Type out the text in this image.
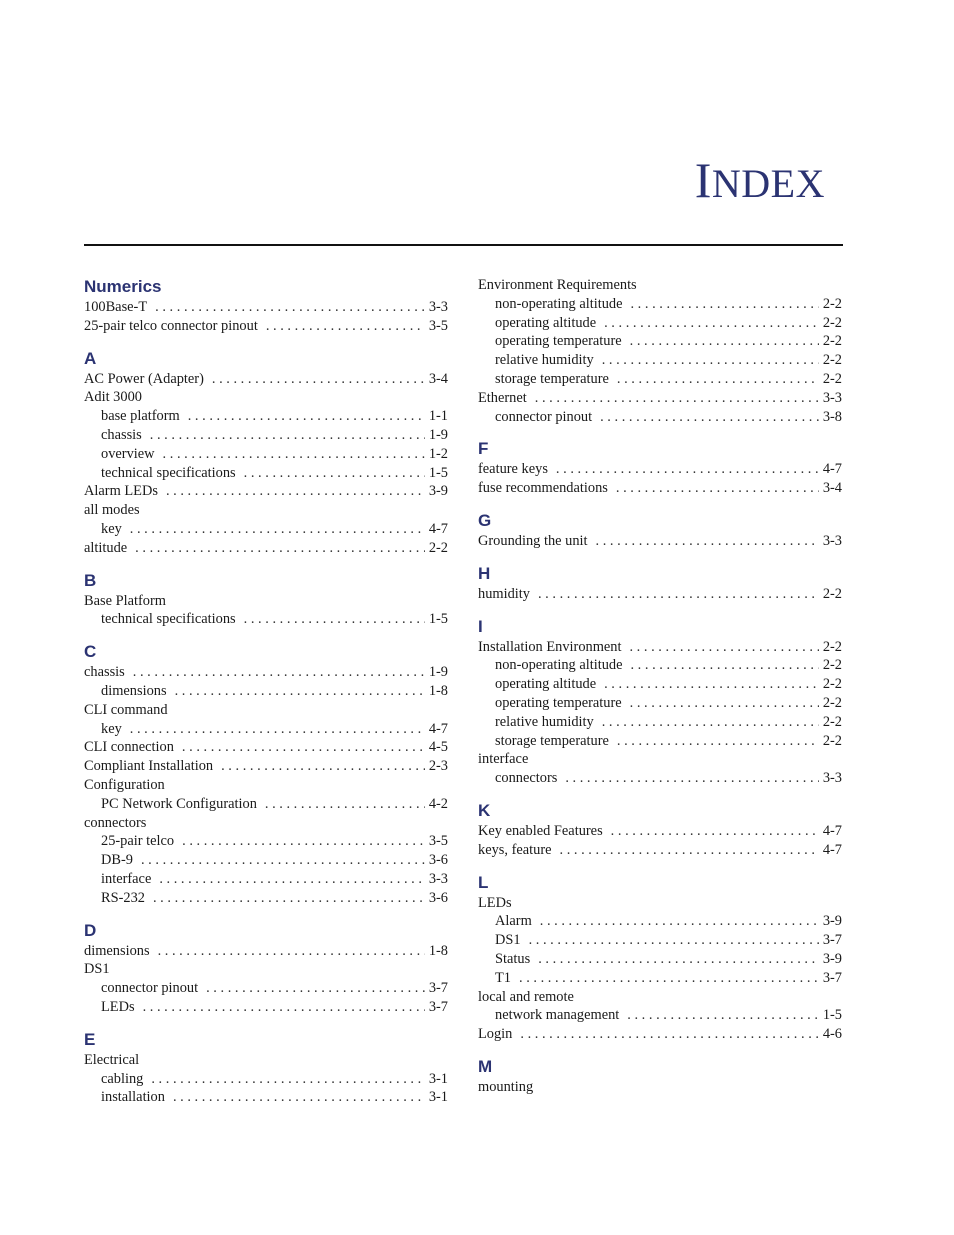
INDEX
Numerics
100Base-T . . .	3-3
25-pair telco connector pinout . . .	3-5
A
AC Power (Adapter) . . .	3-4
Adit 3000
base platform . . .	1-1
chassis . . .	1-9
overview . . .	1-2
technical specifications . . .	1-5
Alarm LEDs . . .	3-9
all modes
key . . .	4-7
altitude . . .	2-2
B
Base Platform
technical specifications . . .	1-5
C
chassis . . .	1-9
dimensions . . .	1-8
CLI command
key . . .	4-7
CLI connection . . .	4-5
Compliant Installation . . .	2-3
Configuration
PC Network Configuration . . .	4-2
connectors
25-pair telco . . .	3-5
DB-9 . . .	3-6
interface . . .	3-3
RS-232 . . .	3-6
D
dimensions . . .	1-8
DS1
connector pinout . . .	3-7
LEDs . . .	3-7
E
Electrical
cabling . . .	3-1
installation . . .	3-1
Environment Requirements
non-operating altitude . . .	2-2
operating altitude . . .	2-2
operating temperature . . .	2-2
relative humidity . . .	2-2
storage temperature . . .	2-2
Ethernet . . .	3-3
connector pinout . . .	3-8
F
feature keys . . .	4-7
fuse recommendations . . .	3-4
G
Grounding the unit . . .	3-3
H
humidity . . .	2-2
I
Installation Environment . . .	2-2
non-operating altitude . . .	2-2
operating altitude . . .	2-2
operating temperature . . .	2-2
relative humidity . . .	2-2
storage temperature . . .	2-2
interface
connectors . . .	3-3
K
Key enabled Features . . .	4-7
keys, feature . . .	4-7
L
LEDs
Alarm . . .	3-9
DS1 . . .	3-7
Status . . .	3-9
T1 . . .	3-7
local and remote
network management . . .	1-5
Login . . .	4-6
M
mounting
